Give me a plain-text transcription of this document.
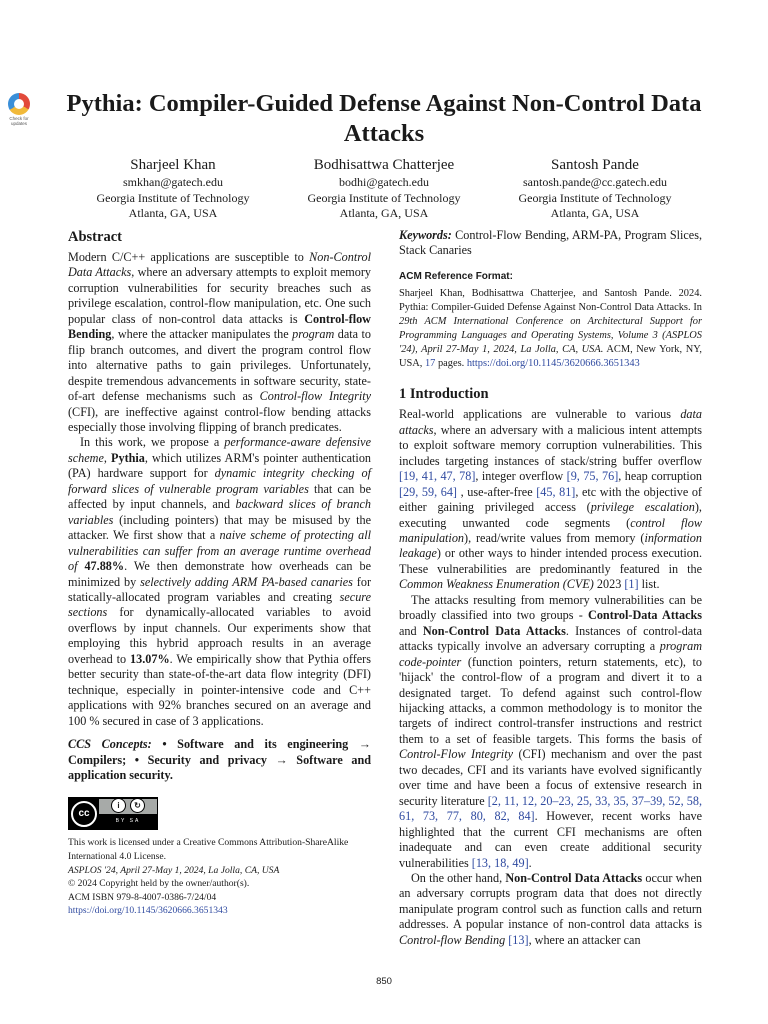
Check for updates
Pythia: Compiler-Guided Defense Against Non-Control Data Attacks
Sharjeel Khan
smkhan@gatech.edu
Georgia Institute of Technology
Atlanta, GA, USA
Bodhisattwa Chatterjee
bodhi@gatech.edu
Georgia Institute of Technology
Atlanta, GA, USA
Santosh Pande
santosh.pande@cc.gatech.edu
Georgia Institute of Technology
Atlanta, GA, USA
Abstract

Modern C/C++ applications are susceptible to Non-Control Data Attacks, where an adversary attempts to exploit memory corruption vulnerabilities for security breaches such as privilege escalation, control-flow manipulation, etc. One such popular class of non-control data attacks is Control-flow Bending, where the attacker manipulates the program data to flip branch outcomes, and divert the program control flow into alternative paths to gain privileges. Unfortunately, despite tremendous advancements in software security, state-of-art defense mechanisms such as Control-flow Integrity (CFI), are ineffective against control-flow bending attacks especially those involving flipping of branch predicates.

In this work, we propose a performance-aware defensive scheme, Pythia, which utilizes ARM's pointer authentication (PA) hardware support for dynamic integrity checking of forward slices of vulnerable program variables that can be affected by input channels, and backward slices of branch variables (including pointers) that may be misused by the attacker. We first show that a naive scheme of protecting all vulnerabilities can suffer from an average runtime overhead of 47.88%. We then demonstrate how overheads can be minimized by selectively adding ARM PA-based canaries for statically-allocated program variables and creating secure sections for dynamically-allocated variables to avoid overflows by input channels. Our experiments show that employing this hybrid approach results in an average overhead to 13.07%. We empirically show that Pythia offers better security than state-of-the-art data flow integrity (DFI) technique, especially in pointer-intensive code and C++ applications with 92% branches secured on an average and 100 % secured in case of 3 applications.

CCS Concepts: • Software and its engineering → Compilers; • Security and privacy → Software and application security.

cc
i	↻
BY SA
This work is licensed under a Creative Commons Attribution-ShareAlike International 4.0 License.
ASPLOS '24, April 27-May 1, 2024, La Jolla, CA, USA
© 2024 Copyright held by the owner/author(s).
ACM ISBN 979-8-4007-0386-7/24/04
https://doi.org/10.1145/3620666.3651343

Keywords: Control-Flow Bending, ARM-PA, Program Slices, Stack Canaries

ACM Reference Format:

Sharjeel Khan, Bodhisattwa Chatterjee, and Santosh Pande. 2024. Pythia: Compiler-Guided Defense Against Non-Control Data Attacks. In 29th ACM International Conference on Architectural Support for Programming Languages and Operating Systems, Volume 3 (ASPLOS '24), April 27-May 1, 2024, La Jolla, CA, USA. ACM, New York, NY, USA, 17 pages. https://doi.org/10.1145/3620666.3651343

1 Introduction

Real-world applications are vulnerable to various data attacks, where an adversary with a malicious intent attempts to exploit software memory corruption vulnerabilities. This includes targeting instances of stack/string buffer overflow [19, 41, 47, 78], integer overflow [9, 75, 76], heap corruption [29, 59, 64] , use-after-free [45, 81], etc with the objective of either gaining privileged access (privilege escalation), executing unwanted code segments (control flow manipulation), read/write values from memory (information leakage) or other ways to hinder intended process execution. These vulnerabilities are predominantly featured in the Common Weakness Enumeration (CVE) 2023 [1] list.

The attacks resulting from memory vulnerabilities can be broadly classified into two groups - Control-Data Attacks and Non-Control Data Attacks. Instances of control-data attacks typically involve an adversary corrupting a program code-pointer (function pointers, return statements, etc), to 'hijack' the control-flow of a program and divert it to a designated target. To defend against such control-flow hijacking attacks, a common methodology is to monitor the targets of indirect control-transfer instructions and restrict them to a set of feasible targets. This forms the basis of Control-Flow Integrity (CFI) mechanism and over the past two decades, CFI and its variants have evolved significantly over time and have been a focus of extensive research in security literature [2, 11, 12, 20–23, 25, 33, 35, 37–39, 52, 58, 61, 73, 77, 80, 82, 84]. However, recent works have highlighted that the current CFI mechanisms are often inadequate and can even create additional security vulnerabilities [13, 18, 49].

On the other hand, Non-Control Data Attacks occur when an adversary corrupts program data that does not directly manipulate program control such as function calls and return addresses. A popular instance of non-control data attacks is Control-flow Bending [13], where an attacker can

850
